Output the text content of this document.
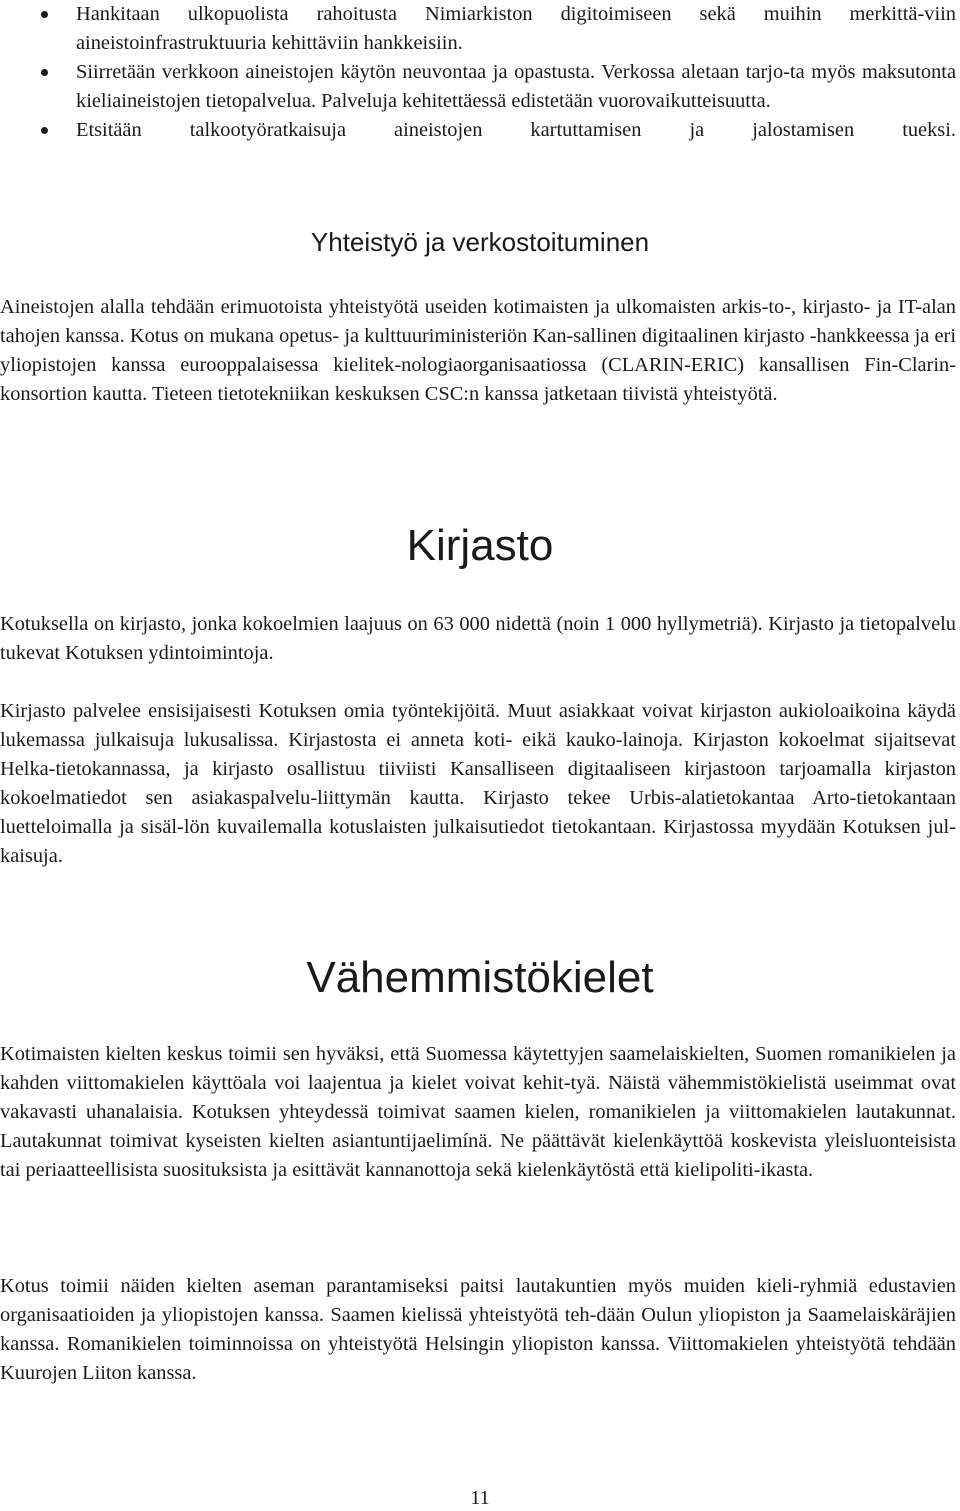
Hankitaan ulkopuolista rahoitusta Nimiarkiston digitoimiseen sekä muihin merkittä-viin aineistoinfrastruktuuria kehittäviin hankkeisiin.
Siirretään verkkoon aineistojen käytön neuvontaa ja opastusta. Verkossa aletaan tarjo-ta myös maksutonta kieliaineistojen tietopalvelua. Palveluja kehitettäessä edistetään vuorovaikutteisuutta.
Etsitään talkootyöratkaisuja aineistojen kartuttamisen ja jalostamisen tueksi.
Yhteistyö ja verkostoituminen

Aineistojen alalla tehdään erimuotoista yhteistyötä useiden kotimaisten ja ulkomaisten arkis-to-, kirjasto- ja IT-alan tahojen kanssa. Kotus on mukana opetus- ja kulttuuriministeriön Kan-sallinen digitaalinen kirjasto -hankkeessa ja eri yliopistojen kanssa eurooppalaisessa kielitek-nologiaorganisaatiossa (CLARIN-ERIC) kansallisen Fin-Clarin-konsortion kautta. Tieteen tietotekniikan keskuksen CSC:n kanssa jatketaan tiivistä yhteistyötä.

Kirjasto

Kotuksella on kirjasto, jonka kokoelmien laajuus on 63 000 nidettä (noin 1 000 hyllymetriä). Kirjasto ja tietopalvelu tukevat Kotuksen ydintoimintoja.

Kirjasto palvelee ensisijaisesti Kotuksen omia työntekijöitä. Muut asiakkaat voivat kirjaston aukioloaikoina käydä lukemassa julkaisuja lukusalissa. Kirjastosta ei anneta koti- eikä kauko-lainoja. Kirjaston kokoelmat sijaitsevat Helka-tietokannassa, ja kirjasto osallistuu tiiviisti Kansalliseen digitaaliseen kirjastoon tarjoamalla kirjaston kokoelmatiedot sen asiakaspalvelu-liittymän kautta. Kirjasto tekee Urbis-alatietokantaa Arto-tietokantaan luetteloimalla ja sisäl-lön kuvailemalla kotuslaisten julkaisutiedot tietokantaan. Kirjastossa myydään Kotuksen jul-kaisuja.

Vähemmistökielet

Kotimaisten kielten keskus toimii sen hyväksi, että Suomessa käytettyjen saamelaiskielten, Suomen romanikielen ja kahden viittomakielen käyttöala voi laajentua ja kielet voivat kehit-tyä. Näistä vähemmistökielistä useimmat ovat vakavasti uhanalaisia. Kotuksen yhteydessä toimivat saamen kielen, romanikielen ja viittomakielen lautakunnat. Lautakunnat toimivat kyseisten kielten asiantuntijaelimínä. Ne päättävät kielenkäyttöä koskevista yleisluonteisista tai periaatteellisista suosituksista ja esittävät kannanottoja sekä kielenkäytöstä että kielipoliti-ikasta.

Kotus toimii näiden kielten aseman parantamiseksi paitsi lautakuntien myös muiden kieli-ryhmiä edustavien organisaatioiden ja yliopistojen kanssa. Saamen kielissä yhteistyötä teh-dään Oulun yliopiston ja Saamelaiskäräjien kanssa. Romanikielen toiminnoissa on yhteistyötä Helsingin yliopiston kanssa. Viittomakielen yhteistyötä tehdään Kuurojen Liiton kanssa.

11
